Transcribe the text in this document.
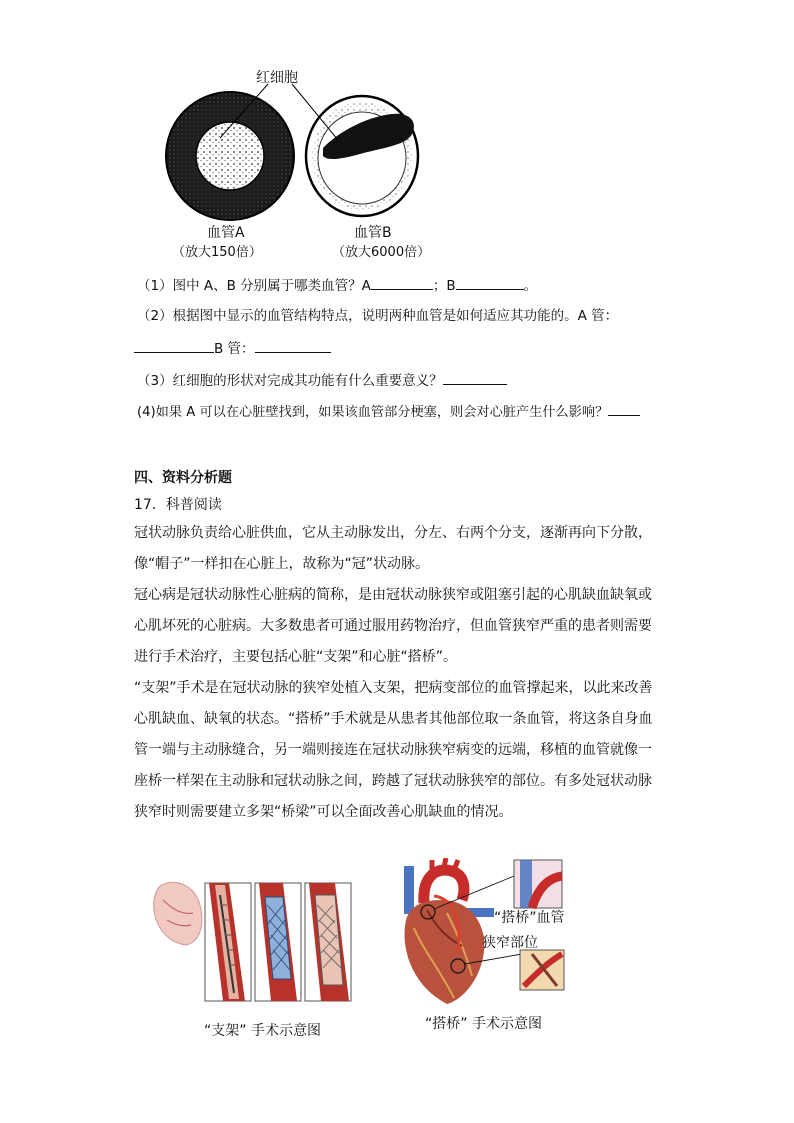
红细胞
血管A
（放大150倍）
血管B
（放大6000倍）
（1）图中 A、B 分别属于哪类血管？A	；B	。
（2）根据图中显示的血管结构特点，说明两种血管是如何适应其功能的。A 管：
B 管：
（3）红细胞的形状对完成其功能有什么重要意义？
(4)如果 A 可以在心脏壁找到，如果该血管部分梗塞，则会对心脏产生什么影响？
四、资料分析题
17．科普阅读

冠状动脉负责给心脏供血，它从主动脉发出，分左、右两个分支，逐渐再向下分散，像“帽子”一样扣在心脏上，故称为“冠”状动脉。

冠心病是冠状动脉性心脏病的简称，是由冠状动脉狭窄或阻塞引起的心肌缺血缺氧或心肌坏死的心脏病。大多数患者可通过服用药物治疗，但血管狭窄严重的患者则需要进行手术治疗，主要包括心脏“支架”和心脏“搭桥”。

“支架”手术是在冠状动脉的狭窄处植入支架，把病变部位的血管撑起来，以此来改善心肌缺血、缺氧的状态。“搭桥”手术就是从患者其他部位取一条血管，将这条自身血管一端与主动脉缝合，另一端则接连在冠状动脉狭窄病变的远端，移植的血管就像一座桥一样架在主动脉和冠状动脉之间，跨越了冠状动脉狭窄的部位。有多处冠状动脉狭窄时则需要建立多架“桥梁”可以全面改善心肌缺血的情况。

“支架” 手术示意图
“搭桥”血管
狭窄部位
“搭桥” 手术示意图
